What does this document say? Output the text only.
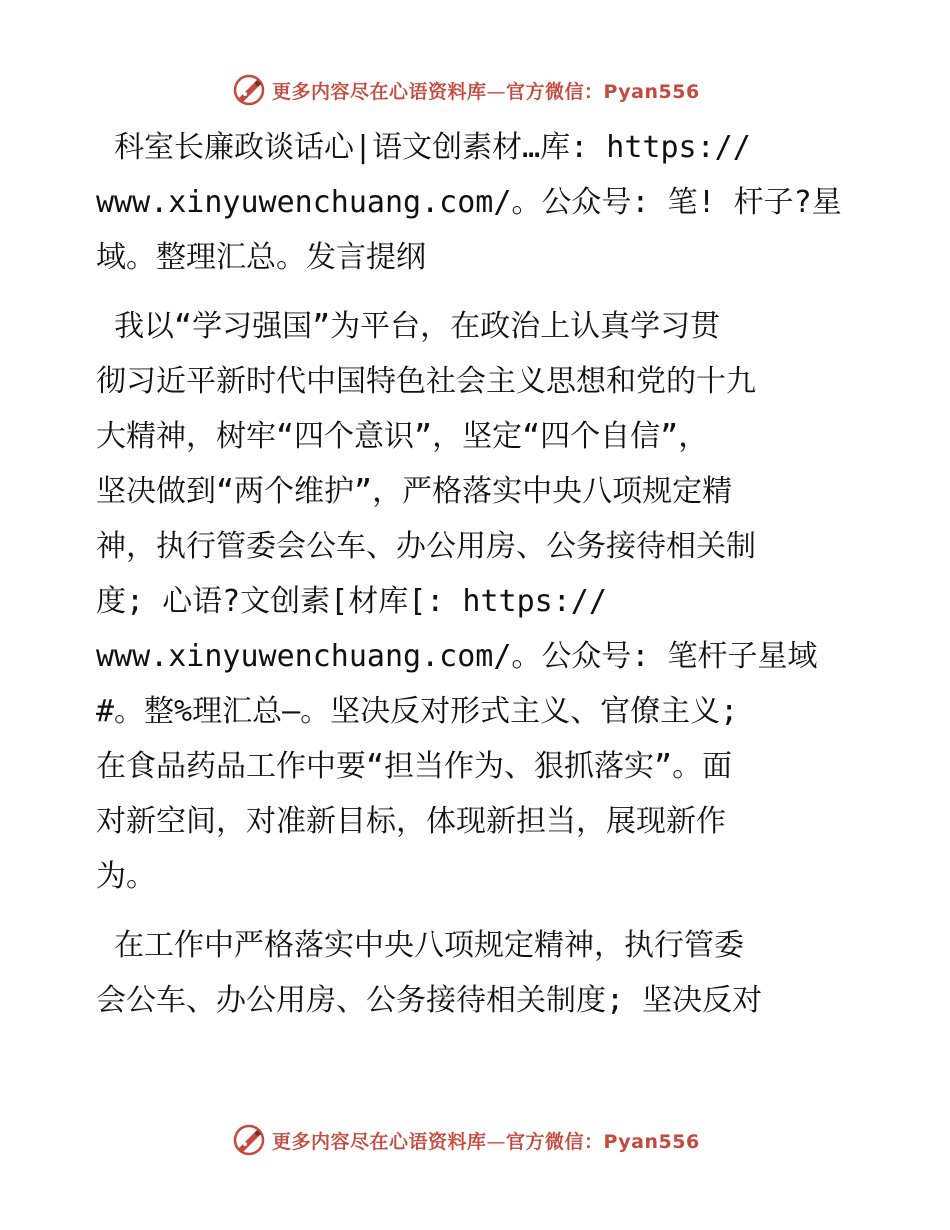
更多内容尽在心语资料库—官方微信：Pyan556

科室长廉政谈话心|语文创素材…库: https://
www.xinyuwenchuang.com/。公众号: 笔! 杆子?星
域。整理汇总。发言提纲

我以“学习强国”为平台，在政治上认真学习贯
彻习近平新时代中国特色社会主义思想和党的十九
大精神，树牢“四个意识”，坚定“四个自信”，
坚决做到“两个维护”，严格落实中央八项规定精
神，执行管委会公车、办公用房、公务接待相关制
度; 心语?文创素[材库[: https://
www.xinyuwenchuang.com/。公众号: 笔杆子星域
#。整%理汇总—。坚决反对形式主义、官僚主义;
在食品药品工作中要“担当作为、狠抓落实”。面
对新空间，对准新目标，体现新担当，展现新作
为。

在工作中严格落实中央八项规定精神，执行管委
会公车、办公用房、公务接待相关制度; 坚决反对

更多内容尽在心语资料库—官方微信：Pyan556
